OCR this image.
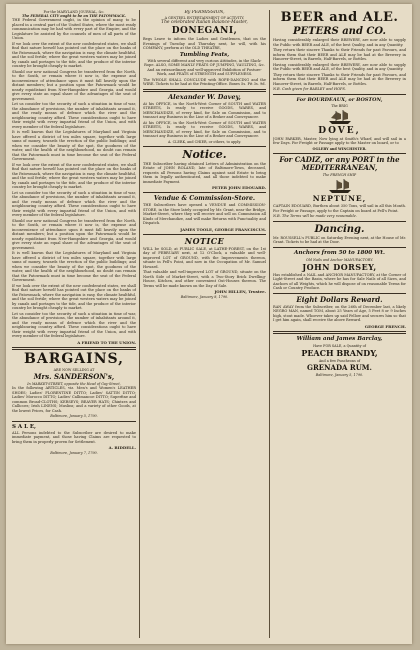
For the MARYLAND JOURNAL, &c.

The FEDERAL CITY ought to be on THE PATOWMACK.

THE Federal Government ought, in the opinion of many, to be placed in a central part of the United States, where the most ready communication may be had with every part of the Empire, and the Legislature be assisted by the counsels of men of all parts of the Union.

If we look over the extent of the new confederated states, we shall find that nature herself has pointed out the place on the banks of the Patowmack, where the navigation is easy, the climate healthful, and the soil fertile; where the great western waters may be joined by canals and portages to the tide, and the produce of the interior country be brought cheaply to market.

Should our new national Congress be transferred from the North, to the South, or remain where it now is, the expense and inconvenience of attendance upon it must fall heavily upon the distant members; but a position upon the Patowmack would be nearly equidistant from New-Hampshire and Georgia, and would give every state an equal share of the advantages of the seat of government.

Let us consider too the security of such a situation in time of war, the abundance of provisions, the number of inhabitants around it, and the ready means of defence which the river and the neighbouring country afford. These considerations ought to have their weight with every impartial friend of the Union, and with every member of the federal legislature.

It is well known that the Legislatures of Maryland and Virginia have offered a district of ten miles square, together with large sums of money, towards the erection of the public buildings; and when we consider the beauty of the spot, the goodness of the water, and the health of the neighbourhood, no doubt can remain that the Patowmack must in time become the seat of the Federal Government.

If we look over the extent of the new confederated states, we shall find that nature herself has pointed out the place on the banks of the Patowmack, where the navigation is easy, the climate healthful, and the soil fertile; where the great western waters may be joined by canals and portages to the tide, and the produce of the interior country be brought cheaply to market.

Let us consider too the security of such a situation in time of war, the abundance of provisions, the number of inhabitants around it, and the ready means of defence which the river and the neighbouring country afford. These considerations ought to have their weight with every impartial friend of the Union, and with every member of the federal legislature.

Should our new national Congress be transferred from the North, to the South, or remain where it now is, the expense and inconvenience of attendance upon it must fall heavily upon the distant members; but a position upon the Patowmack would be nearly equidistant from New-Hampshire and Georgia, and would give every state an equal share of the advantages of the seat of government.

It is well known that the Legislatures of Maryland and Virginia have offered a district of ten miles square, together with large sums of money, towards the erection of the public buildings; and when we consider the beauty of the spot, the goodness of the water, and the health of the neighbourhood, no doubt can remain that the Patowmack must in time become the seat of the Federal Government.

If we look over the extent of the new confederated states, we shall find that nature herself has pointed out the place on the banks of the Patowmack, where the navigation is easy, the climate healthful, and the soil fertile; where the great western waters may be joined by canals and portages to the tide, and the produce of the interior country be brought cheaply to market.

Let us consider too the security of such a situation in time of war, the abundance of provisions, the number of inhabitants around it, and the ready means of defence which the river and the neighbouring country afford. These considerations ought to have their weight with every impartial friend of the Union, and with every member of the federal legislature.

A FRIEND TO THE UNION.

BARGAINS,

ARE NOW SELLING AT

Mrs. SANDERSON's,

In MARKET-STREET, opposite the Head of Gay-Street,

In the following ARTICLES, viz. Men's and Women's LEATHER SHOES; Ladies' FLORENTINE DITTO; Ladies' SATTIN DITTO; Ladies' Morocco DITTO; Ladies' Callimancoe DITTO; Superfine and common Broad-CLOTHS; KERSEYS; BEAVER HATS; Chintzes and Callicoes; Irish LINENS; Muslins; and a variety of other Goods, at the lowest Prices, for Cash.

Baltimore, January 5, 1790.

S A L E,

ALL Persons indebted to the Subscriber are desired to make immediate payment, and those having Claims are requested to bring them in properly proven for Settlement.

A. RIDDELL.

Baltimore, January 7, 1790.

By PERMISSION,

A GENTEEL ENTERTAINMENT OF ACTIVITY,

The celebrated Italian Balance-Master,

DONEGANI,

Begs Leave to inform the Ladies and Gentlemen, that on the Evenings of Tuesday and Thursday next, he will, with his COMPANY, perform at the OLD THEATRE,

Tumbling Feats,

With several different and very curious Attitudes, in the Slack-Rope. ALSO, SOME MANLY FEATS OF JUMPING, VAULTING, &c. And an extraordinary and well-approved Exhibition of Posture-Work, and FEATS of STRENGTH and SUPPLENESS.

The WHOLE SHALL CONCLUDE with ROPE-DANCING and the WIRE. Tickets to be had at the Printing-Office. Boxes 5s. Pit 3s. 9d.

Alexander W. Davey,

At his OFFICE, in the North-West Corner of SOUTH and WATER STREETS, Is ready to receive GOODS, WARES, and MERCHANDIZE, of every kind, for Sale on Commission, and to transact any Business in the Line of a Broker and Conveyancer.

At his OFFICE, in the North-West Corner of SOUTH and WATER STREETS, Is ready to receive GOODS, WARES, and MERCHANDIZE, of every kind, for Sale on Commission, and to transact any Business in the Line of a Broker and Conveyancer.

A. CLERK, and CHIER, or others, to apply.

Notice.

THE Subscriber having obtained Letters of Administration on the Estate of JOHN ROLAND, late of Baltimore-Town, deceased, requests all Persons having Claims against said Estate to bring them in legally authenticated, and all those indebted to make immediate Payment.

PETER JOHN EDOUARD.

Vendue & Commission-Store.

THE Subscribers have opened a VENDUE and COMMISSION-STORE, in the Store lately occupied by Mr. Grant, near the Bridge, Market-Street, where they will receive and sell on Commission all Kinds of Merchandize, and will make Returns with Punctuality and Dispatch.

JAMES TOOLE, GEORGE FRANCISCUS.

NOTICE

WILL be SOLD, at PUBLIC SALE, at LATHE-FOREST, on the 1st day of FEBRUARY next, at 12 O'Clock, a valuable and well-improved LOT of GROUND, with the Improvements thereon, situate in Fell's Point, and now in the Occupation of Mr. Samuel Howard.

That valuable and well-improved LOT of GROUND, situate on the North Side of Market-Street, with a Two-Story Brick Dwelling-House, Kitchen, and other convenient Out-Houses thereon. The Terms will be made known on the Day of Sale.

JOHN HILLEN, Trustee.

Baltimore, January 8, 1790.

BEER and ALE.
PETERS and CO.

Having considerably enlarged their BREWERY, are now able to supply the Public with BEER and ALE, of the best Quality, and in any Quantity.

They return their sincere Thanks to their Friends for past Favours, and inform them that their BEER and ALE may be had at the Brewery in Hanover-Street, in Barrels, Half-Barrels, or Bottles.

Having considerably enlarged their BREWERY, are now able to supply the Public with BEER and ALE, of the best Quality, and in any Quantity.

They return their sincere Thanks to their Friends for past Favours, and inform them that their BEER and ALE may be had at the Brewery in Hanover-Street, in Barrels, Half-Barrels, or Bottles.

N.B. Cash given for BARLEY and HOPS.

For BOURDEAUX, or BOSTON,

The BRIG

DOVE,

JOHN PARKER, Master, Now lying at Smith's Wharf, and will sail in a few Days. For Freight or Passage apply to the Master on board, or to

OGLEBY and WINCHESTER.

For CADIZ, or any PORT in the MEDITERRANEAN,

The FRENCH SHIP

NEPTUNE,

CAPTAIN EDOUARD, Burthen about 350 Tons, will sail in all this Month. For Freight or Passage, apply to the Captain on board at Fell's Point.

N.B. The Terms will be made very reasonable.

Dancing.

Mr. ROUSSELL's PUBLIC on Saturday Evening next, at the House of Mr. Grant. Tickets to be had at the Door.

Anchors from 50 to 1800 Wt.

Old Nails and Anchor MANUFACTORY.

JOHN DORSEY,

Has established a NAIL and ANCHOR MANUFACTORY, at the Corner of Light-Street and the Basin, where he has for Sale Nails of all Sizes, and Anchors of all Weights, which he will dispose of on reasonable Terms for Cash or Country Produce.

Eight Dollars Reward.

RAN AWAY from the Subscriber, on the 26th of December last, a likely NEGRO MAN, named TOM, about 25 Years of Age, 5 Feet 8 or 9 Inches high, stout made. Whoever takes up said Fellow and secures him so that I get him again, shall receive the above Reward.

GEORGE FRENCH.

William and James Barclay,

Have FOR SALE, a Quantity of

PEACH BRANDY,

And a few Puncheons of

GRENADA RUM.

Baltimore, January 5, 1790.
